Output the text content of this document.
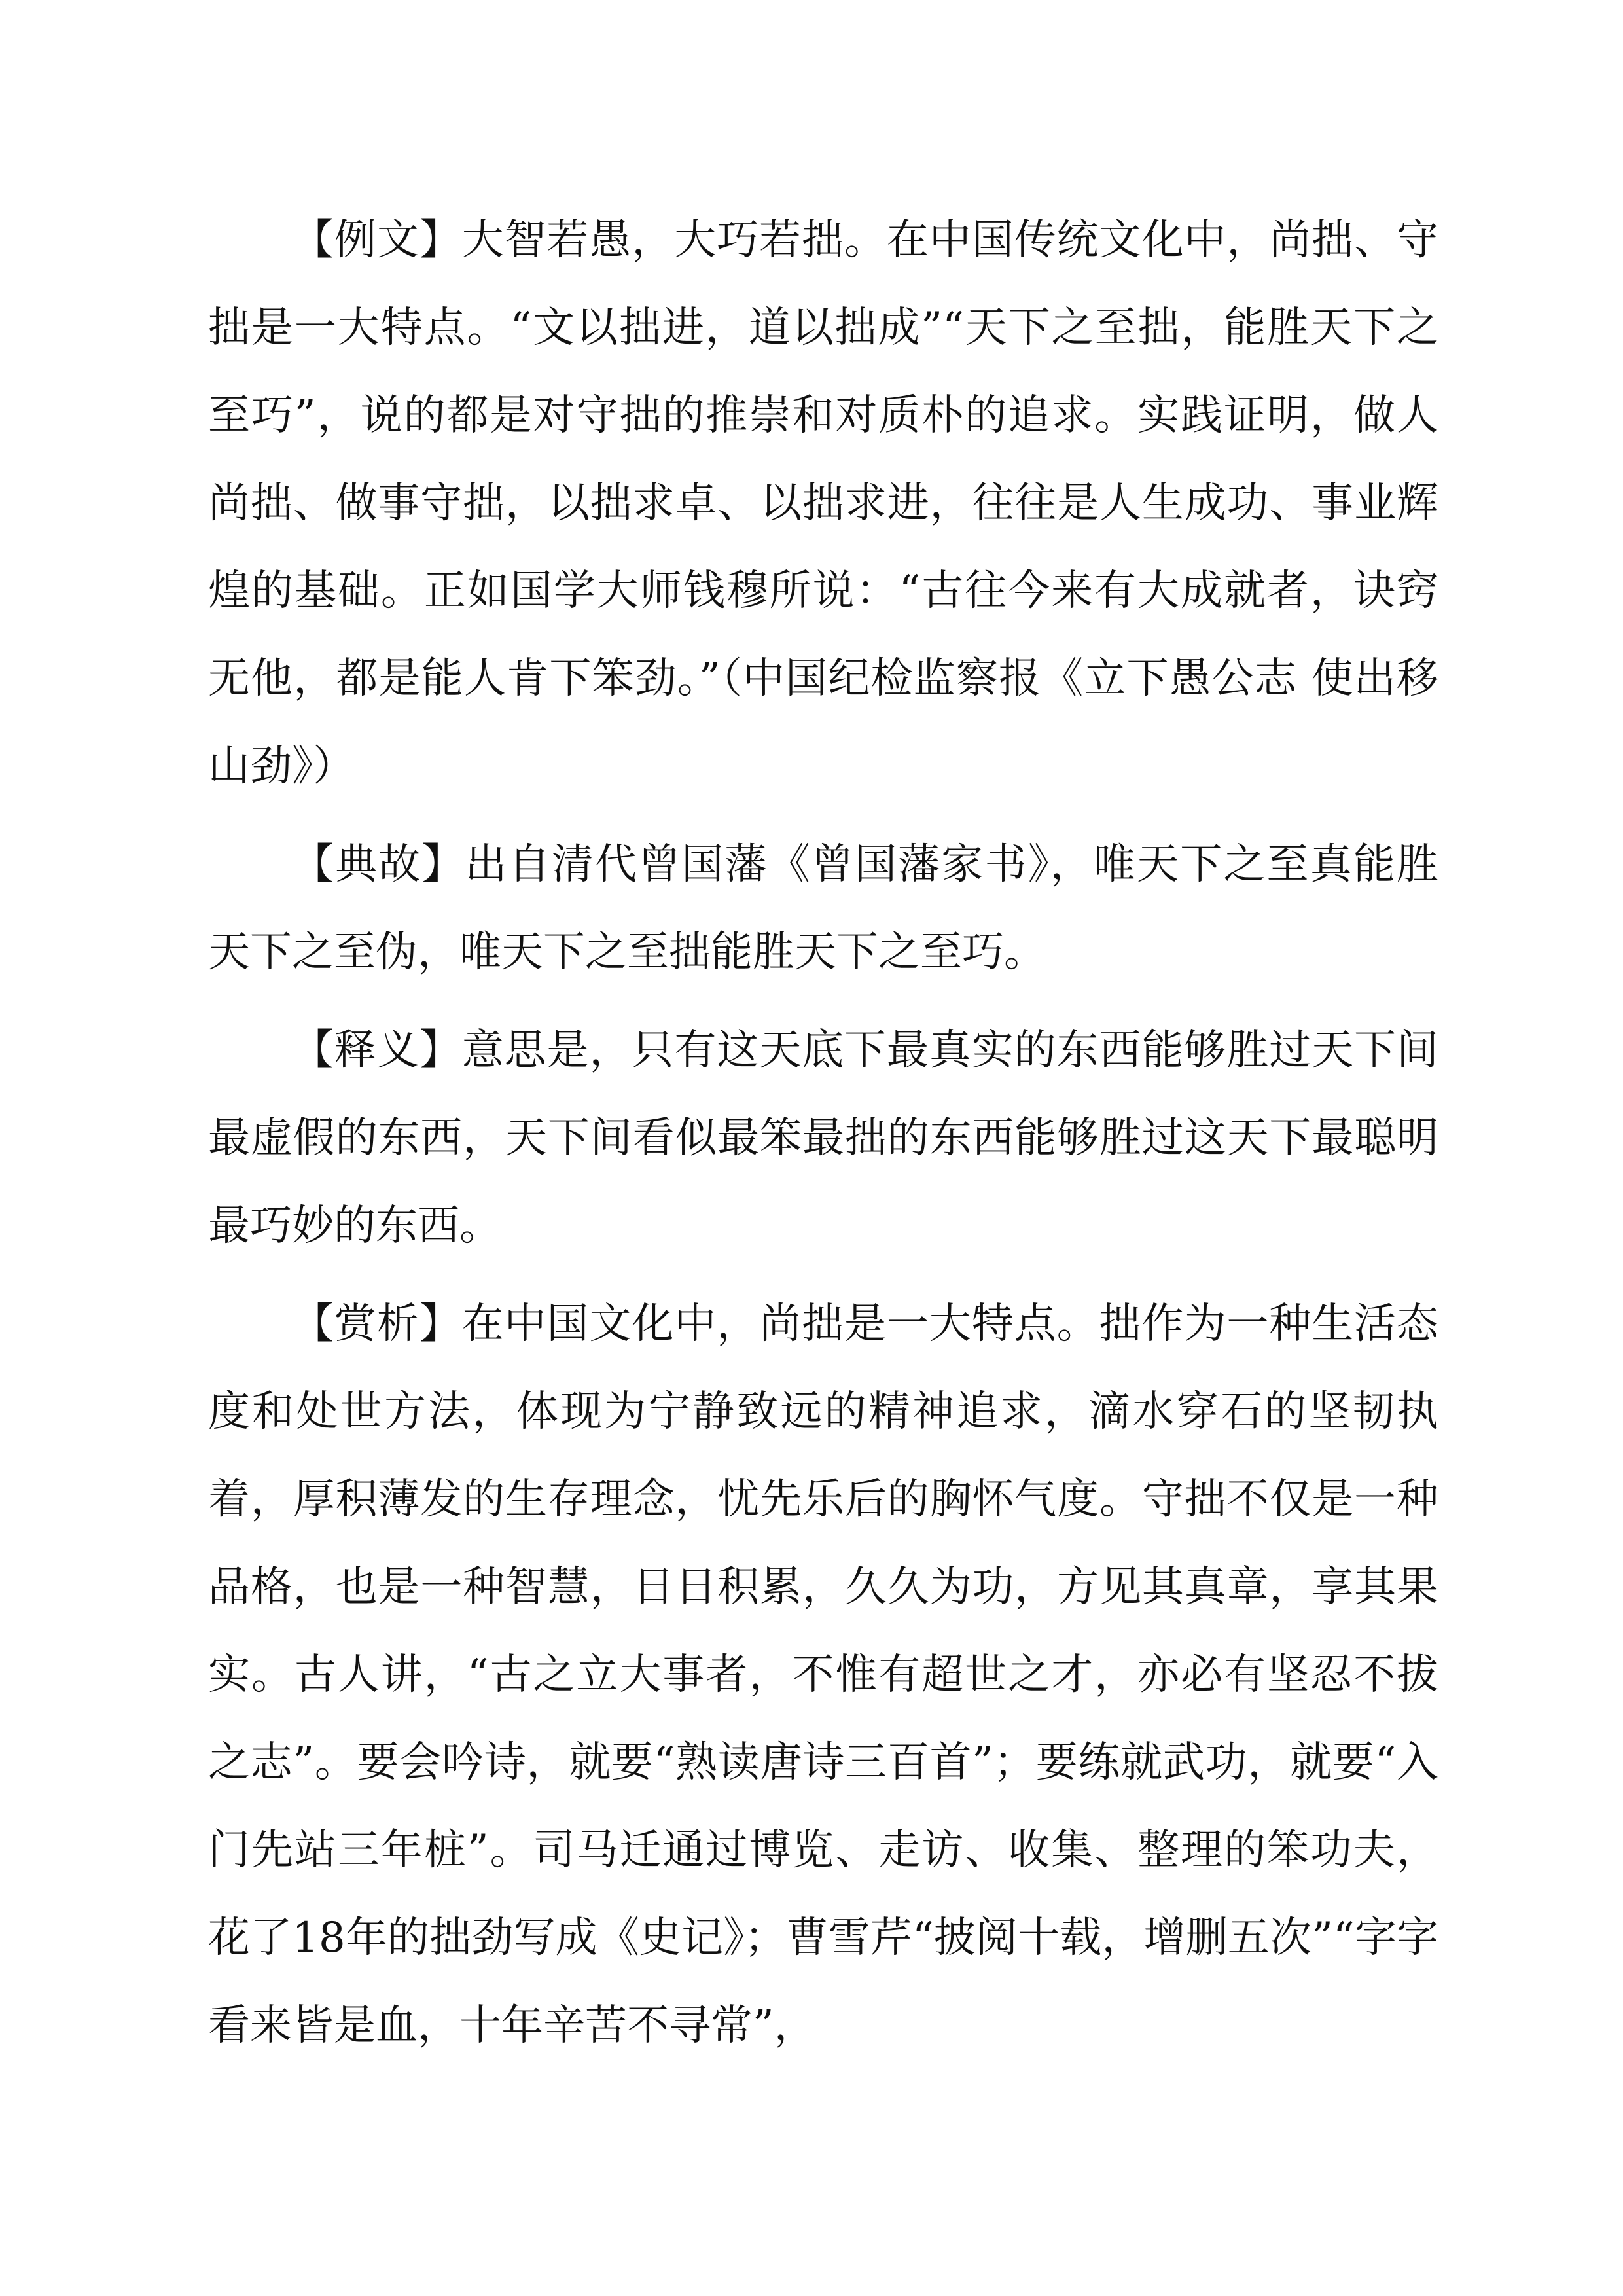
【例文】大智若愚，大巧若拙。在中国传统文化中，尚拙、守拙是一大特点。“文以拙进，道以拙成”“天下之至拙，能胜天下之至巧”，说的都是对守拙的推崇和对质朴的追求。实践证明，做人尚拙、做事守拙，以拙求卓、以拙求进，往往是人生成功、事业辉煌的基础。正如国学大师钱穆所说：“古往今来有大成就者，诀窍无他，都是能人肯下笨劲。”（中国纪检监察报《立下愚公志 使出移山劲》）

【典故】出自清代曾国藩《曾国藩家书》，唯天下之至真能胜天下之至伪，唯天下之至拙能胜天下之至巧。

【释义】意思是，只有这天底下最真实的东西能够胜过天下间最虚假的东西，天下间看似最笨最拙的东西能够胜过这天下最聪明最巧妙的东西。

【赏析】在中国文化中，尚拙是一大特点。拙作为一种生活态度和处世方法，体现为宁静致远的精神追求，滴水穿石的坚韧执着，厚积薄发的生存理念，忧先乐后的胸怀气度。守拙不仅是一种品格，也是一种智慧，日日积累，久久为功，方见其真章，享其果实。古人讲，“古之立大事者，不惟有超世之才，亦必有坚忍不拔之志”。要会吟诗，就要“熟读唐诗三百首”；要练就武功，就要“入门先站三年桩”。司马迁通过博览、走访、收集、整理的笨功夫，花了18年的拙劲写成《史记》；曹雪芹“披阅十载，增删五次”“字字看来皆是血，十年辛苦不寻常”，
